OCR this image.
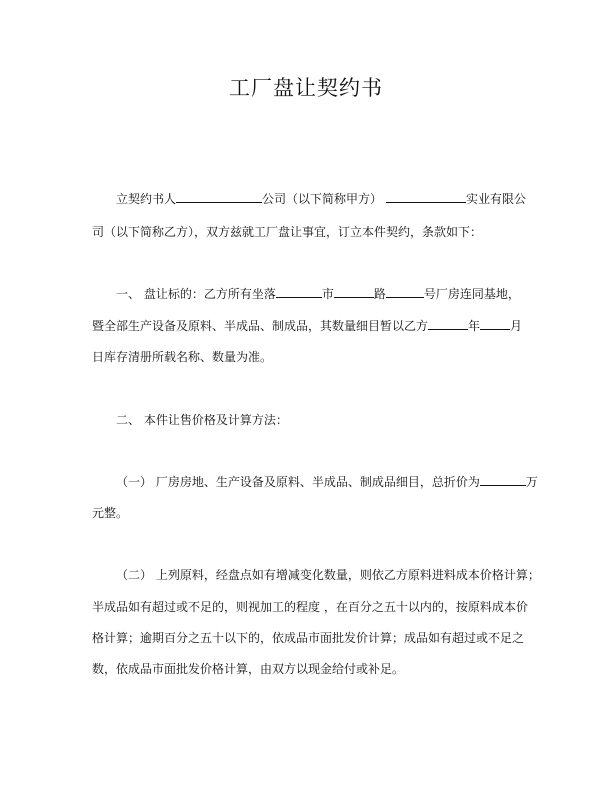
工厂盘让契约书
立契约书人	公司（以下简称甲方）	实业有限公
司（以下简称乙方），双方兹就工厂盘让事宜，订立本件契约，条款如下：
一、 盘让标的：乙方所有坐落	市	路	号厂房连同基地，
暨全部生产设备及原料、半成品、制成品，其数量细目暂以乙方	年	月
日库存清册所载名称、数量为准。
二、 本件让售价格及计算方法：
（一） 厂房房地、生产设备及原料、半成品、制成品细目，总折价为	万
元整。
（二） 上列原料，经盘点如有增减变化数量，则依乙方原料进料成本价格计算；
半成品如有超过或不足的，则视加工的程度 ，在百分之五十以内的，按原料成本价
格计算；逾期百分之五十以下的，依成品市面批发价计算；成品如有超过或不足之
数，依成品市面批发价格计算，由双方以现金给付或补足。
